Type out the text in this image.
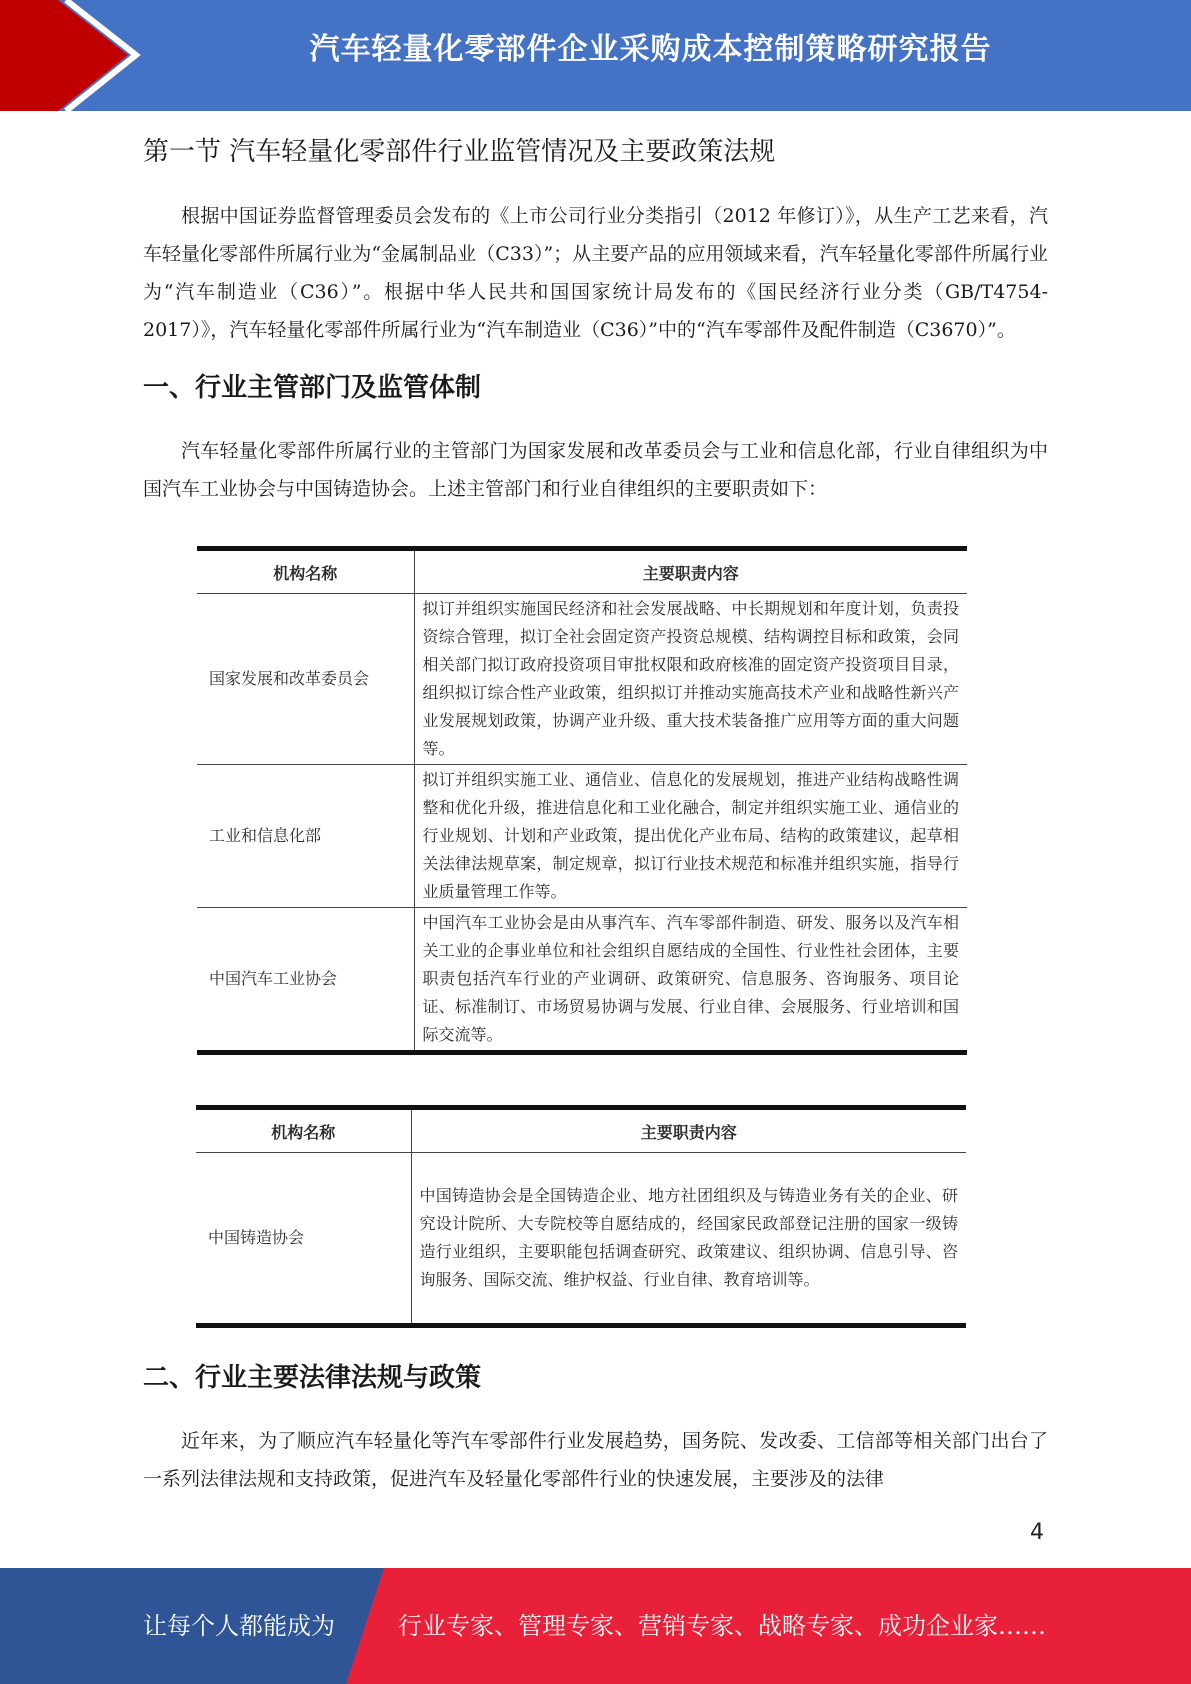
汽车轻量化零部件企业采购成本控制策略研究报告
第一节 汽车轻量化零部件行业监管情况及主要政策法规

根据中国证券监督管理委员会发布的《上市公司行业分类指引（2012 年修订）》，从生产工艺来看，汽车轻量化零部件所属行业为“金属制品业（C33）”；从主要产品的应用领域来看，汽车轻量化零部件所属行业为“汽车制造业（C36）”。根据中华人民共和国国家统计局发布的《国民经济行业分类（GB/T4754-2017）》，汽车轻量化零部件所属行业为“汽车制造业（C36）”中的“汽车零部件及配件制造（C3670）”。

一、行业主管部门及监管体制

汽车轻量化零部件所属行业的主管部门为国家发展和改革委员会与工业和信息化部，行业自律组织为中国汽车工业协会与中国铸造协会。上述主管部门和行业自律组织的主要职责如下：

机构名称	主要职责内容
国家发展和改革委员会	拟订并组织实施国民经济和社会发展战略、中长期规划和年度计划，负责投资综合管理，拟订全社会固定资产投资总规模、结构调控目标和政策，会同相关部门拟订政府投资项目审批权限和政府核准的固定资产投资项目目录，组织拟订综合性产业政策，组织拟订并推动实施高技术产业和战略性新兴产业发展规划政策，协调产业升级、重大技术装备推广应用等方面的重大问题等。
工业和信息化部	拟订并组织实施工业、通信业、信息化的发展规划，推进产业结构战略性调整和优化升级，推进信息化和工业化融合，制定并组织实施工业、通信业的行业规划、计划和产业政策，提出优化产业布局、结构的政策建议，起草相关法律法规草案，制定规章，拟订行业技术规范和标准并组织实施，指导行业质量管理工作等。
中国汽车工业协会	中国汽车工业协会是由从事汽车、汽车零部件制造、研发、服务以及汽车相关工业的企事业单位和社会组织自愿结成的全国性、行业性社会团体，主要职责包括汽车行业的产业调研、政策研究、信息服务、咨询服务、项目论证、标准制订、市场贸易协调与发展、行业自律、会展服务、行业培训和国际交流等。
机构名称	主要职责内容
中国铸造协会	中国铸造协会是全国铸造企业、地方社团组织及与铸造业务有关的企业、研究设计院所、大专院校等自愿结成的，经国家民政部登记注册的国家一级铸造行业组织，主要职能包括调查研究、政策建议、组织协调、信息引导、咨询服务、国际交流、维护权益、行业自律、教育培训等。
二、行业主要法律法规与政策

近年来，为了顺应汽车轻量化等汽车零部件行业发展趋势，国务院、发改委、工信部等相关部门出台了一系列法律法规和支持政策，促进汽车及轻量化零部件行业的快速发展，主要涉及的法律

4
让每个人都能成为	行业专家、管理专家、营销专家、战略专家、成功企业家……
